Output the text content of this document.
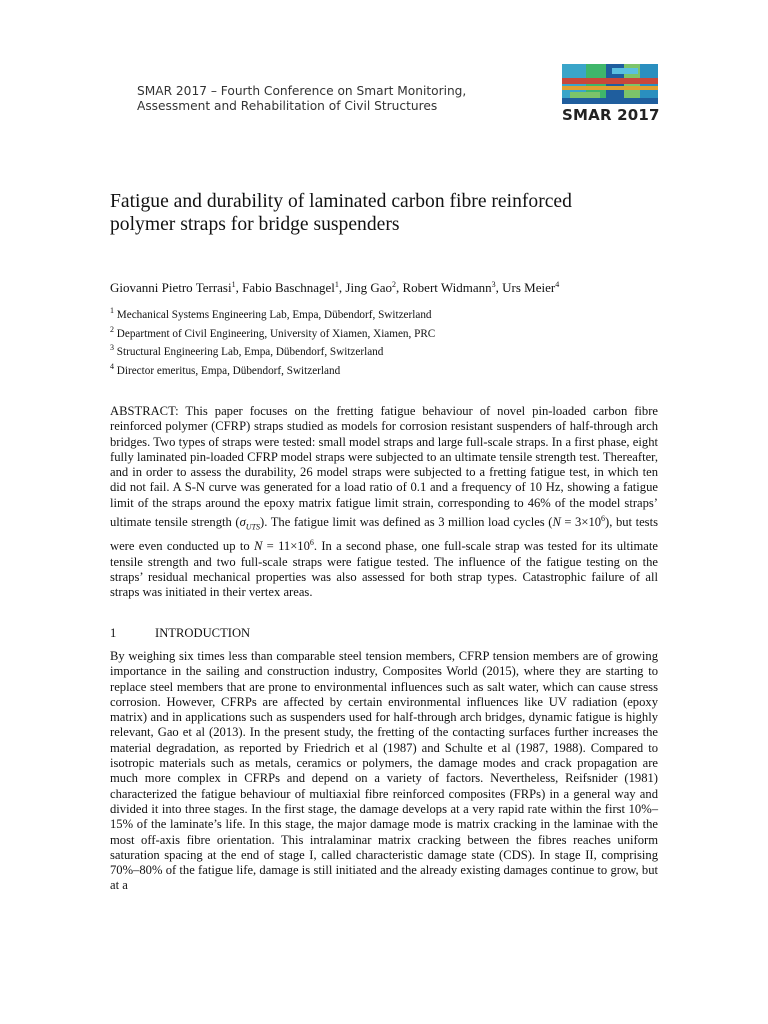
SMAR 2017 – Fourth Conference on Smart Monitoring,
Assessment and Rehabilitation of Civil Structures	SMAR 2017
Fatigue and durability of laminated carbon fibre reinforced
polymer straps for bridge suspenders
Giovanni Pietro Terrasi$^1$, Fabio Baschnagel$^1$, Jing Gao$^2$, Robert Widmann$^3$, Urs Meier$^4$
$^1$ Mechanical Systems Engineering Lab, Empa, Dübendorf, Switzerland
$^2$ Department of Civil Engineering, University of Xiamen, Xiamen, PRC
$^3$ Structural Engineering Lab, Empa, Dübendorf, Switzerland
$^4$ Director emeritus, Empa, Dübendorf, Switzerland

ABSTRACT: This paper focuses on the fretting fatigue behaviour of novel pin-loaded carbon fibre reinforced polymer (CFRP) straps studied as models for corrosion resistant suspenders of half-through arch bridges. Two types of straps were tested: small model straps and large full-scale straps. In a first phase, eight fully laminated pin-loaded CFRP model straps were subjected to an ultimate tensile strength test. Thereafter, and in order to assess the durability, 26 model straps were subjected to a fretting fatigue test, in which ten did not fail. A S-N curve was generated for a load ratio of 0.1 and a frequency of 10 Hz, showing a fatigue limit of the straps around the epoxy matrix fatigue limit strain, corresponding to 46% of the model straps’ ultimate tensile strength $(\sigma_{UTS})$. The fatigue limit was defined as 3 million load cycles $(N = 3\times 10^6)$, but tests were even conducted up to $N = 11\times 10^6$. In a second phase, one full-scale strap was tested for its ultimate tensile strength and two full-scale straps were fatigue tested. The influence of the fatigue testing on the straps’ residual mechanical properties was also assessed for both strap types. Catastrophic failure of all straps was initiated in their vertex areas.

1	INTRODUCTION

By weighing six times less than comparable steel tension members, CFRP tension members are of growing importance in the sailing and construction industry, Composites World (2015), where they are starting to replace steel members that are prone to environmental influences such as salt water, which can cause stress corrosion. However, CFRPs are affected by certain environmental influences like UV radiation (epoxy matrix) and in applications such as suspenders used for half-through arch bridges, dynamic fatigue is highly relevant, Gao et al (2013). In the present study, the fretting of the contacting surfaces further increases the material degradation, as reported by Friedrich et al (1987) and Schulte et al (1987, 1988). Compared to isotropic materials such as metals, ceramics or polymers, the damage modes and crack propagation are much more complex in CFRPs and depend on a variety of factors. Nevertheless, Reifsnider (1981) characterized the fatigue behaviour of multiaxial fibre reinforced composites (FRPs) in a general way and divided it into three stages. In the first stage, the damage develops at a very rapid rate within the first 10%–15% of the laminate’s life. In this stage, the major damage mode is matrix cracking in the laminae with the most off-axis fibre orientation. This intralaminar matrix cracking between the fibres reaches uniform saturation spacing at the end of stage I, called characteristic damage state (CDS). In stage II, comprising 70%–80% of the fatigue life, damage is still initiated and the already existing damages continue to grow, but at a
